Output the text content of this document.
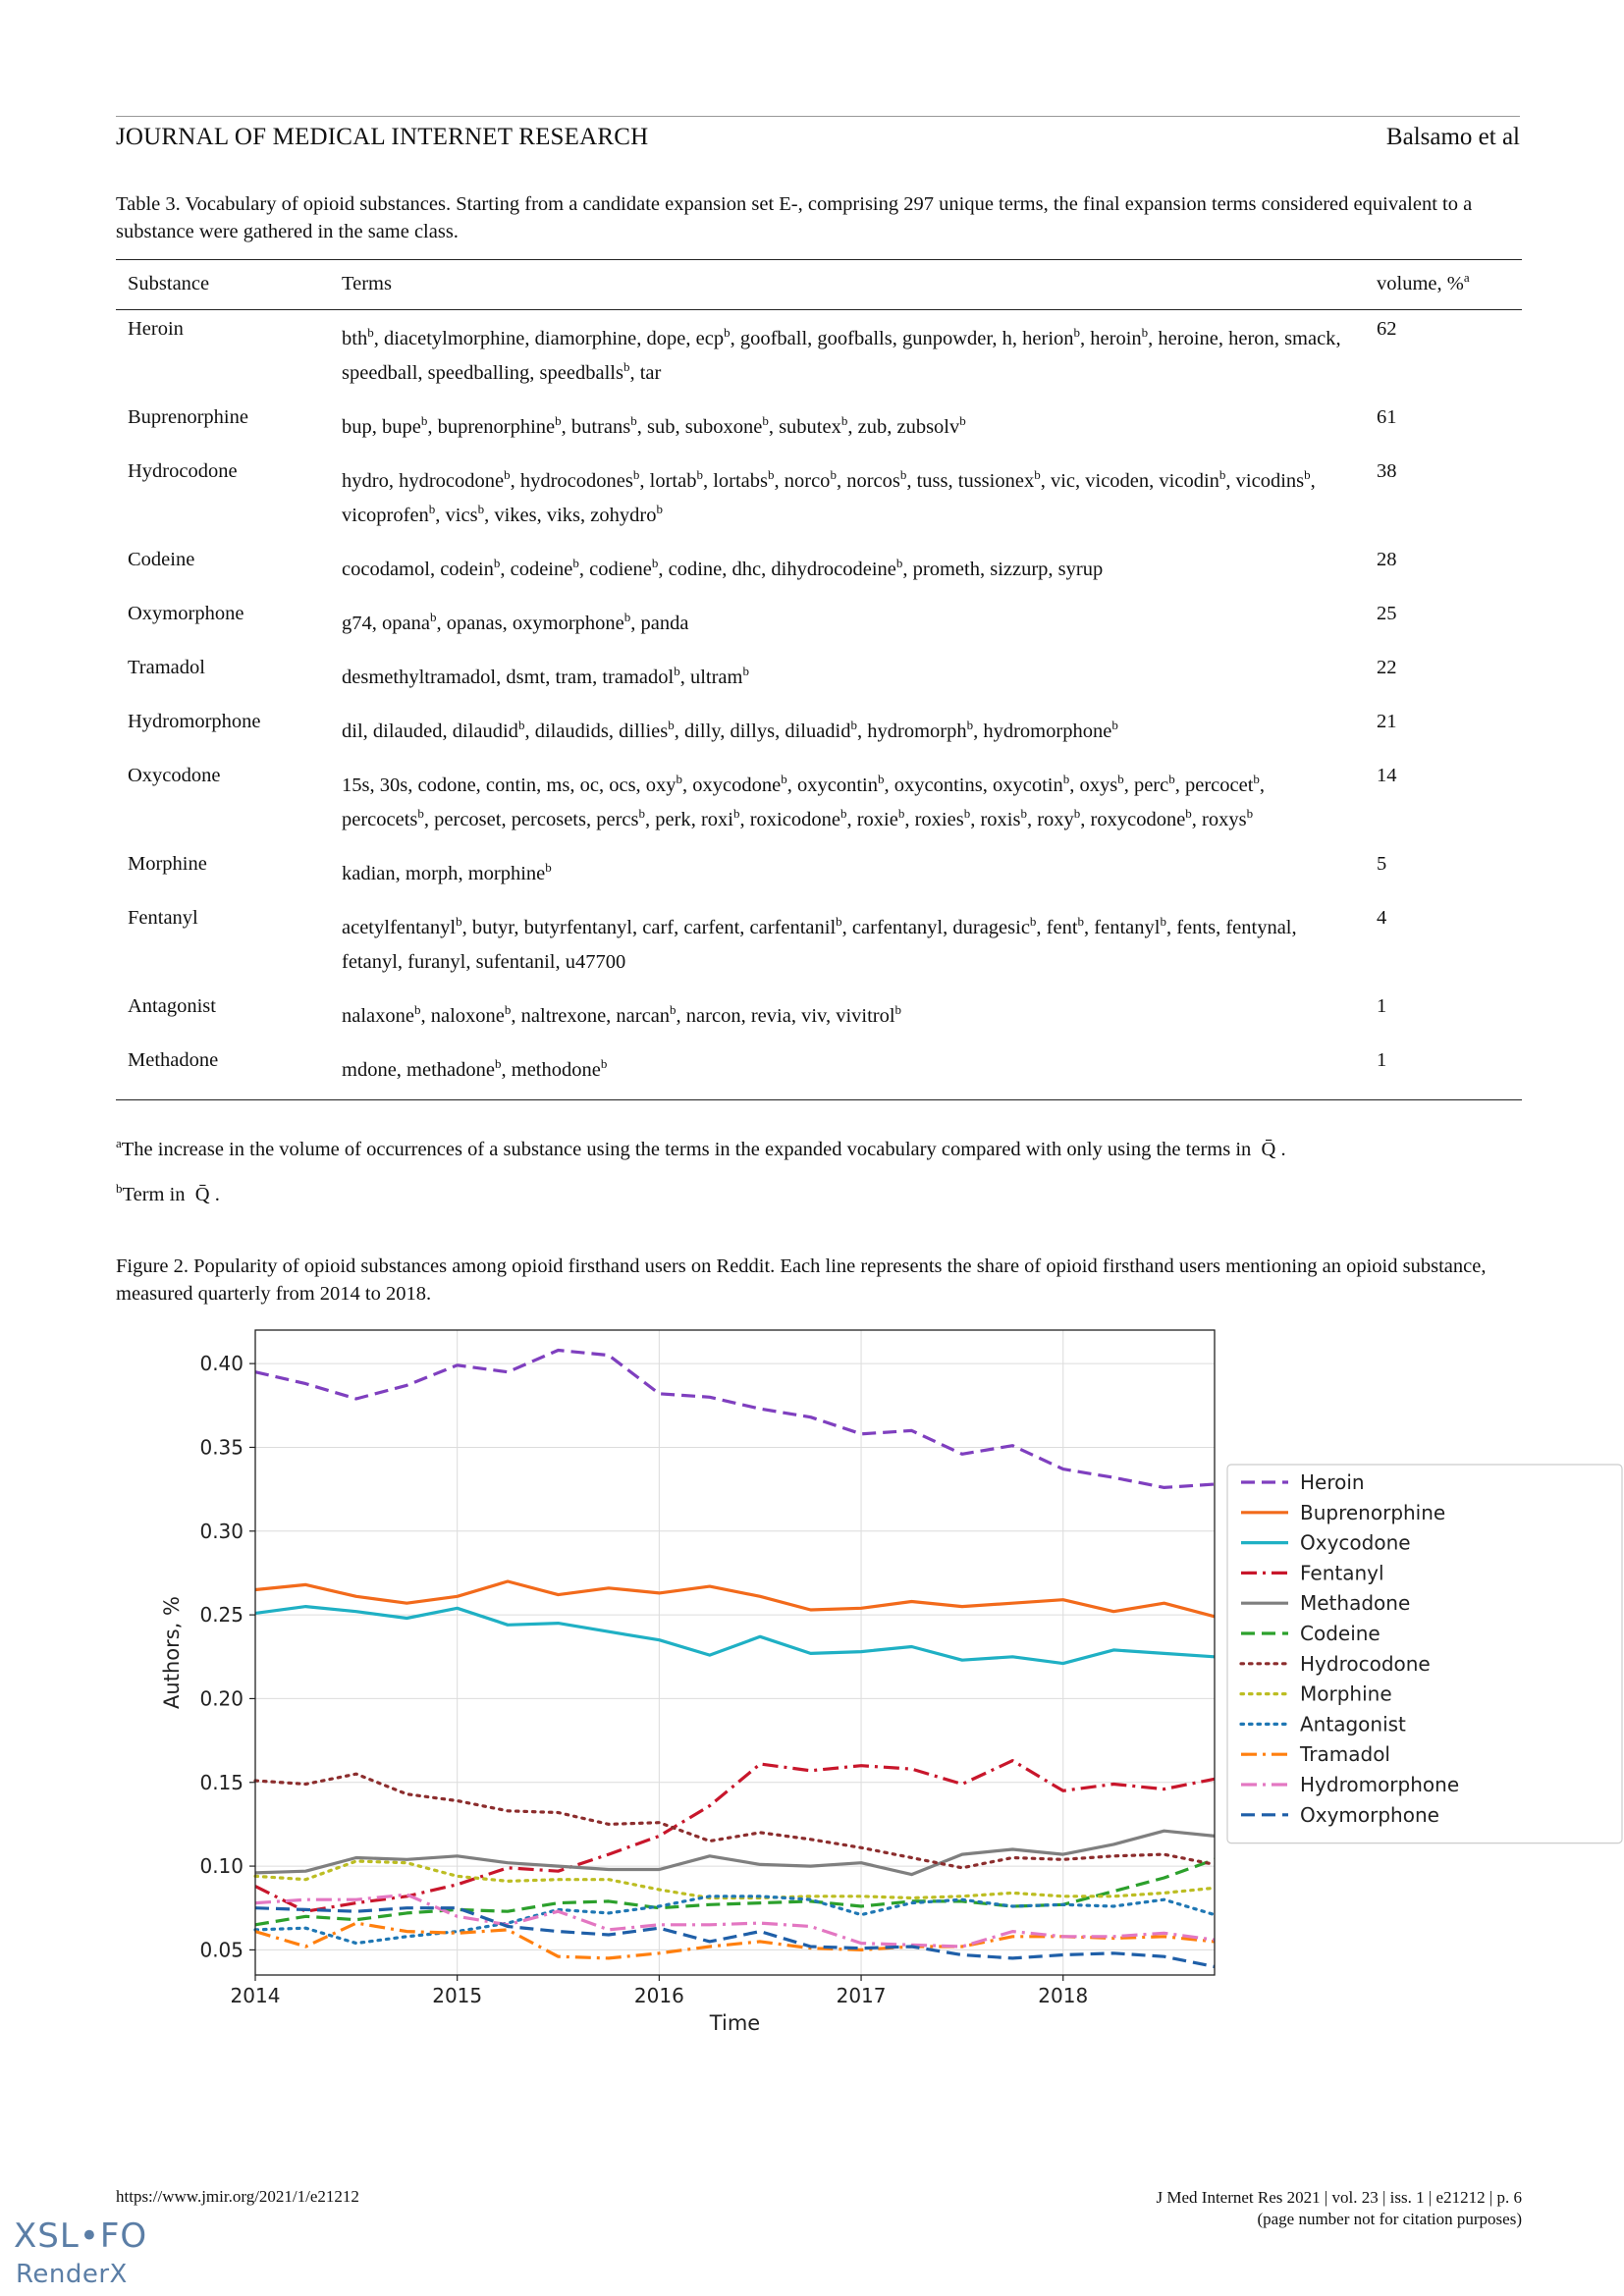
JOURNAL OF MEDICAL INTERNET RESEARCH	Balsamo et al
Table 3. Vocabulary of opioid substances. Starting from a candidate expansion set E-, comprising 297 unique terms, the final expansion terms considered equivalent to a substance were gathered in the same class.
Substance	Terms	volume, %$^a$
Heroin	bth$^b$, diacetylmorphine, diamorphine, dope, ecp$^b$, goofball, goofballs, gunpowder, h, herion$^b$, heroin$^b$, heroine, heron, smack, speedball, speedballing, speedballs$^b$, tar	62
Buprenorphine	bup, bupe$^b$, buprenorphine$^b$, butrans$^b$, sub, suboxone$^b$, subutex$^b$, zub, zubsolv$^b$	61
Hydrocodone	hydro, hydrocodone$^b$, hydrocodones$^b$, lortab$^b$, lortabs$^b$, norco$^b$, norcos$^b$, tuss, tussionex$^b$, vic, vicoden, vicodin$^b$, vicodins$^b$, vicoprofen$^b$, vics$^b$, vikes, viks, zohydro$^b$	38
Codeine	cocodamol, codein$^b$, codeine$^b$, codiene$^b$, codine, dhc, dihydrocodeine$^b$, prometh, sizzurp, syrup	28
Oxymorphone	g74, opana$^b$, opanas, oxymorphone$^b$, panda	25
Tramadol	desmethyltramadol, dsmt, tram, tramadol$^b$, ultram$^b$	22
Hydromorphone	dil, dilauded, dilaudid$^b$, dilaudids, dillies$^b$, dilly, dillys, diluadid$^b$, hydromorph$^b$, hydromorphone$^b$	21
Oxycodone	15s, 30s, codone, contin, ms, oc, ocs, oxy$^b$, oxycodone$^b$, oxycontin$^b$, oxycontins, oxycotin$^b$, oxys$^b$, perc$^b$, percocet$^b$, percocets$^b$, percoset, percosets, percs$^b$, perk, roxi$^b$, roxicodone$^b$, roxie$^b$, roxies$^b$, roxis$^b$, roxy$^b$, roxycodone$^b$, roxys$^b$	14
Morphine	kadian, morph, morphine$^b$	5
Fentanyl	acetylfentanyl$^b$, butyr, butyrfentanyl, carf, carfent, carfentanil$^b$, carfentanyl, duragesic$^b$, fent$^b$, fentanyl$^b$, fents, fentynal, fetanyl, furanyl, sufentanil, u47700	4
Antagonist	nalaxone$^b$, naloxone$^b$, naltrexone, narcan$^b$, narcon, revia, viv, vivitrol$^b$	1
Methadone	mdone, methadone$^b$, methodone$^b$	1
$^a$The increase in the volume of occurrences of a substance using the terms in the expanded vocabulary compared with only using the terms in Q̄ .
$^b$Term in Q̄ .
Figure 2. Popularity of opioid substances among opioid firsthand users on Reddit. Each line represents the share of opioid firsthand users mentioning an opioid substance, measured quarterly from 2014 to 2018.
0.05
0.10
0.15
0.20
0.25
0.30
0.35
0.40
2014	2015	2016	2017	2018
Time
Authors, %
Heroin
Buprenorphine
Oxycodone
Fentanyl
Methadone
Codeine
Hydrocodone
Morphine
Antagonist
Tramadol
Hydromorphone
Oxymorphone
https://www.jmir.org/2021/1/e21212	J Med Internet Res 2021 | vol. 23 | iss. 1 | e21212 | p. 6
(page number not for citation purposes)
XSL•FO
RenderX
